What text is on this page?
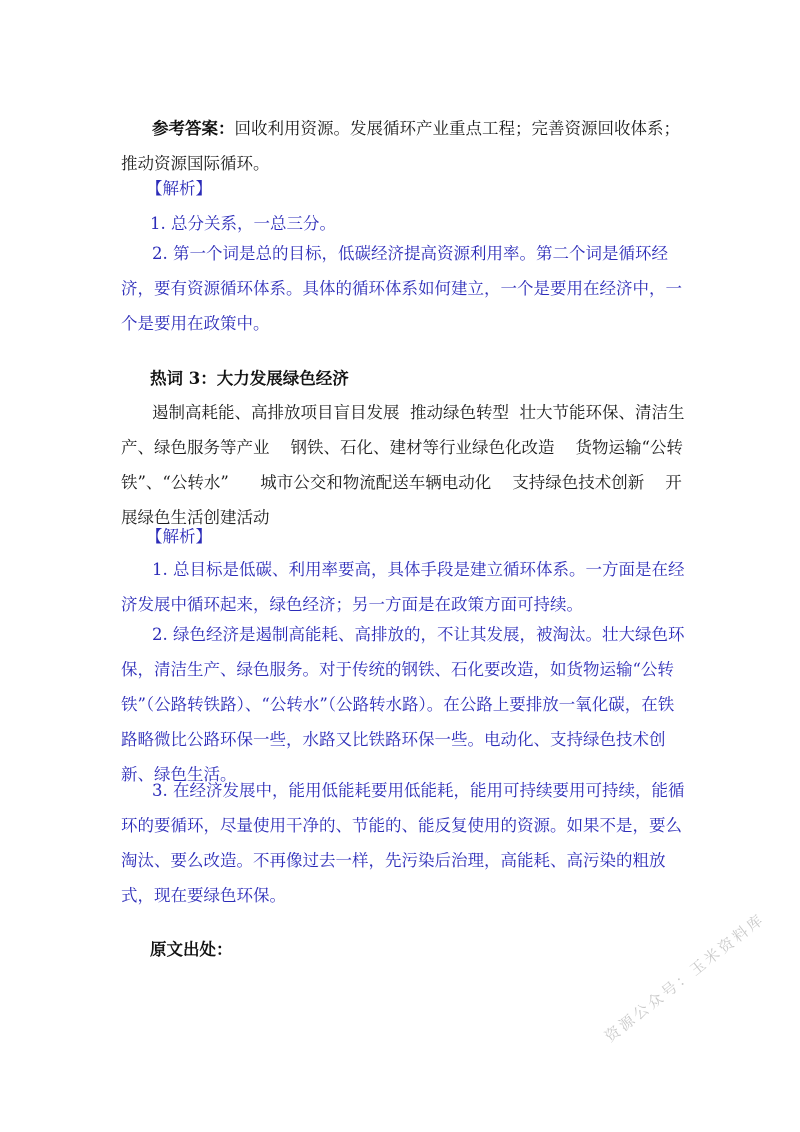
参考答案：回收利用资源。发展循环产业重点工程；完善资源回收体系；推动资源国际循环。

【解析】

1. 总分关系，一总三分。

2. 第一个词是总的目标，低碳经济提高资源利用率。第二个词是循环经济，要有资源循环体系。具体的循环体系如何建立，一个是要用在经济中，一个是要用在政策中。

热词 3：大力发展绿色经济

遏制高耗能、高排放项目盲目发展  推动绿色转型  壮大节能环保、清洁生产、绿色服务等产业    钢铁、石化、建材等行业绿色化改造    货物运输“公转铁”、“公转水”      城市公交和物流配送车辆电动化    支持绿色技术创新    开展绿色生活创建活动

【解析】

1. 总目标是低碳、利用率要高，具体手段是建立循环体系。一方面是在经济发展中循环起来，绿色经济；另一方面是在政策方面可持续。

2. 绿色经济是遏制高能耗、高排放的，不让其发展，被淘汰。壮大绿色环保，清洁生产、绿色服务。对于传统的钢铁、石化要改造，如货物运输“公转铁”（公路转铁路）、“公转水”（公路转水路）。在公路上要排放一氧化碳，在铁路略微比公路环保一些，水路又比铁路环保一些。电动化、支持绿色技术创新、绿色生活。

3. 在经济发展中，能用低能耗要用低能耗，能用可持续要用可持续，能循环的要循环，尽量使用干净的、节能的、能反复使用的资源。如果不是，要么淘汰、要么改造。不再像过去一样，先污染后治理，高能耗、高污染的粗放式，现在要绿色环保。

原文出处：	资源公众号：玉米资料库
